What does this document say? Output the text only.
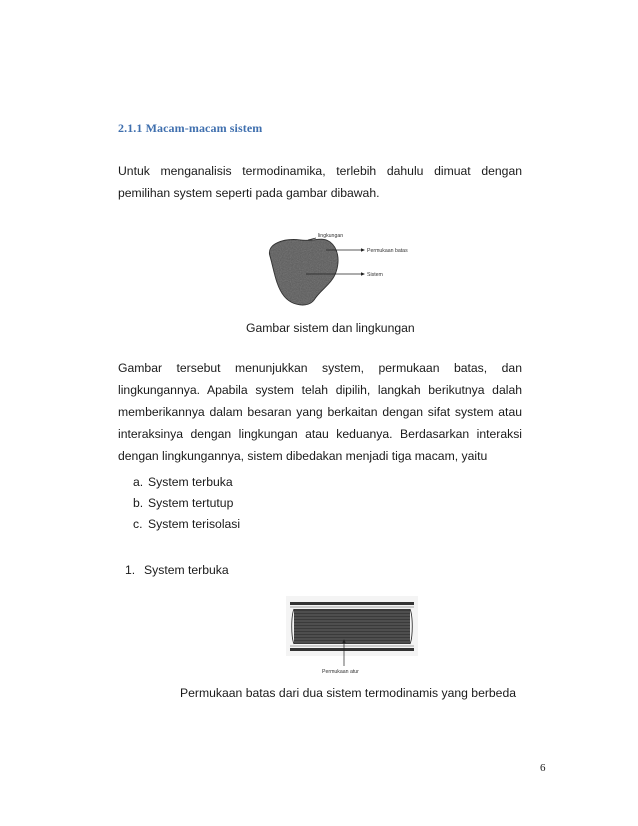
2.1.1 Macam-macam sistem

Untuk menganalisis termodinamika, terlebih dahulu dimuat dengan pemilihan system seperti pada gambar dibawah.

lingkungan
Permukaan batas
Sistem
Gambar sistem dan lingkungan

Gambar tersebut menunjukkan system, permukaan batas, dan lingkungannya. Apabila system telah dipilih, langkah berikutnya dalah memberikannya dalam besaran yang berkaitan dengan sifat system atau interaksinya dengan lingkungan atau keduanya. Berdasarkan interaksi dengan lingkungannya, sistem dibedakan menjadi tiga macam, yaitu

a. System terbuka
b. System tertutup
c. System terisolasi
1. System terbuka
Permukaan atur
Permukaan batas dari dua sistem termodinamis yang berbeda
6
